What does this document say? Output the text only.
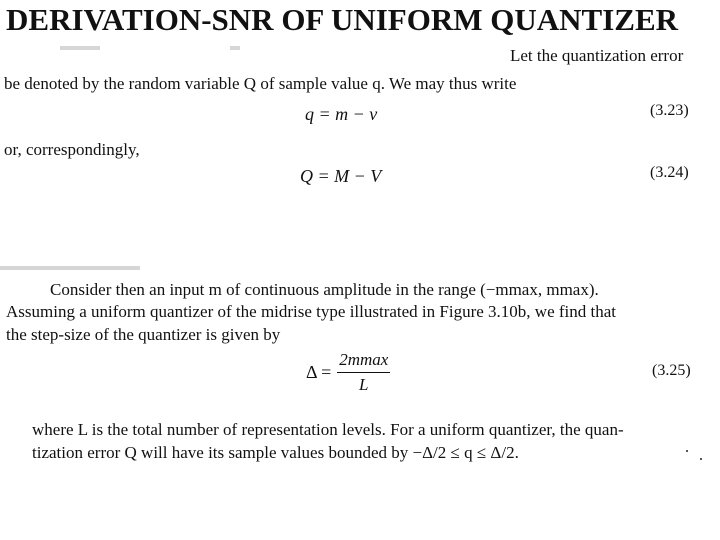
DERIVATION-SNR OF UNIFORM QUANTIZER
Let the quantization error
be denoted by the random variable Q of sample value q. We may thus write
q = m − v	(3.23)
or, correspondingly,
Q = M − V	(3.24)
Consider then an input m of continuous amplitude in the range (−mmax, mmax).
Assuming a uniform quantizer of the midrise type illustrated in Figure 3.10b, we find that
the step-size of the quantizer is given by
$\Delta = \frac{2mmax}{L}$	(3.25)
where L is the total number of representation levels. For a uniform quantizer, the quan-
tization error Q will have its sample values bounded by −Δ/2 ≤ q ≤ Δ/2.
